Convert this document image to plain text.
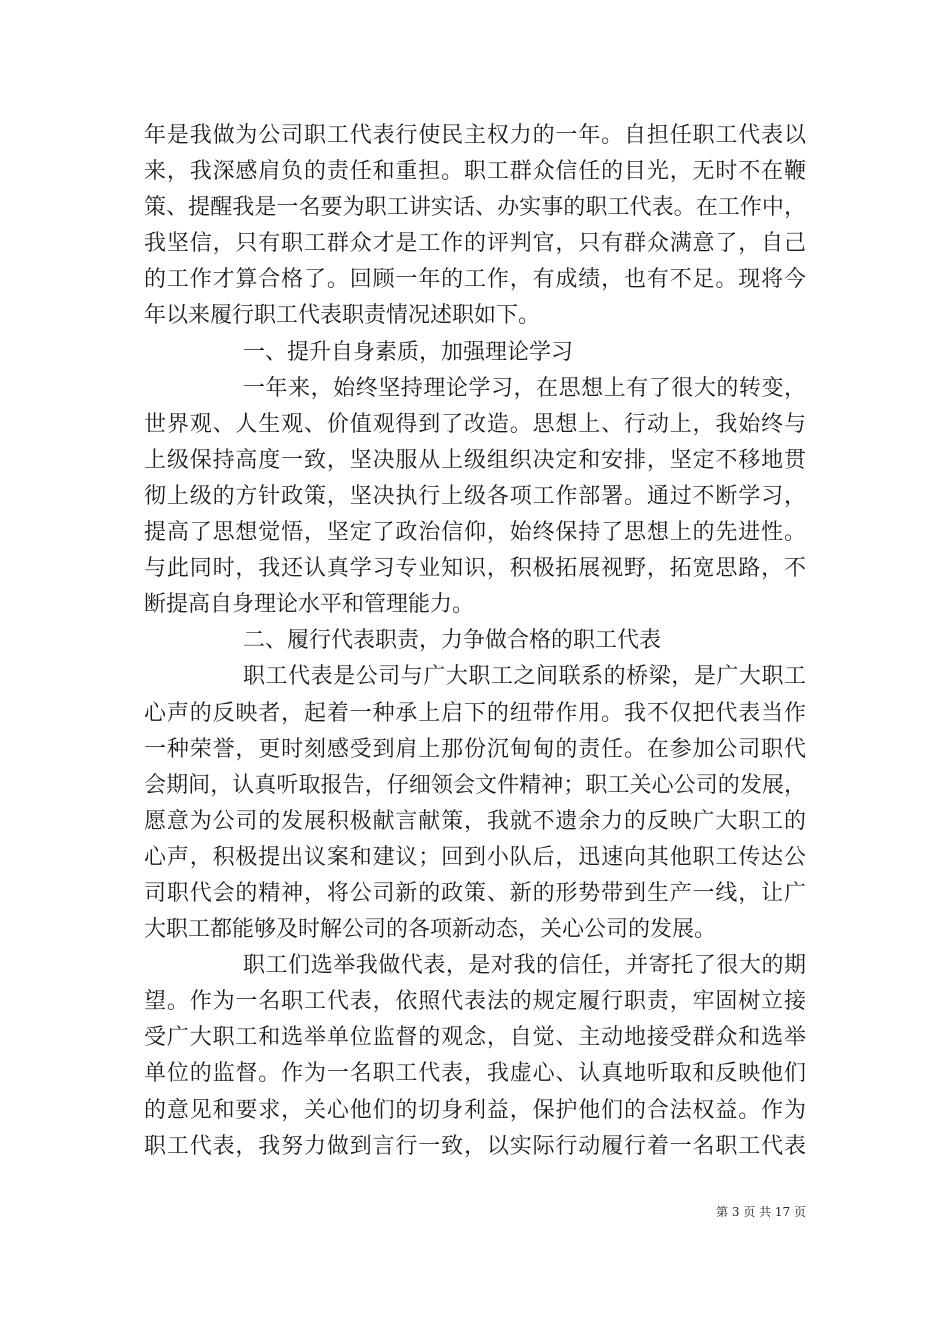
年是我做为公司职工代表行使民主权力的一年。自担任职工代表以
来，我深感肩负的责任和重担。职工群众信任的目光，无时不在鞭
策、提醒我是一名要为职工讲实话、办实事的职工代表。在工作中，
我坚信，只有职工群众才是工作的评判官，只有群众满意了，自己
的工作才算合格了。回顾一年的工作，有成绩，也有不足。现将今
年以来履行职工代表职责情况述职如下。
一、提升自身素质，加强理论学习
一年来，始终坚持理论学习，在思想上有了很大的转变，
世界观、人生观、价值观得到了改造。思想上、行动上，我始终与
上级保持高度一致，坚决服从上级组织决定和安排，坚定不移地贯
彻上级的方针政策，坚决执行上级各项工作部署。通过不断学习，
提高了思想觉悟，坚定了政治信仰，始终保持了思想上的先进性。
与此同时，我还认真学习专业知识，积极拓展视野，拓宽思路，不
断提高自身理论水平和管理能力。
二、履行代表职责，力争做合格的职工代表
职工代表是公司与广大职工之间联系的桥梁，是广大职工
心声的反映者，起着一种承上启下的纽带作用。我不仅把代表当作
一种荣誉，更时刻感受到肩上那份沉甸甸的责任。在参加公司职代
会期间，认真听取报告，仔细领会文件精神；职工关心公司的发展，
愿意为公司的发展积极献言献策，我就不遗余力的反映广大职工的
心声，积极提出议案和建议；回到小队后，迅速向其他职工传达公
司职代会的精神，将公司新的政策、新的形势带到生产一线，让广
大职工都能够及时解公司的各项新动态，关心公司的发展。
职工们选举我做代表，是对我的信任，并寄托了很大的期
望。作为一名职工代表，依照代表法的规定履行职责，牢固树立接
受广大职工和选举单位监督的观念，自觉、主动地接受群众和选举
单位的监督。作为一名职工代表，我虚心、认真地听取和反映他们
的意见和要求，关心他们的切身利益，保护他们的合法权益。作为
职工代表，我努力做到言行一致，以实际行动履行着一名职工代表
第 3 页 共 17 页
